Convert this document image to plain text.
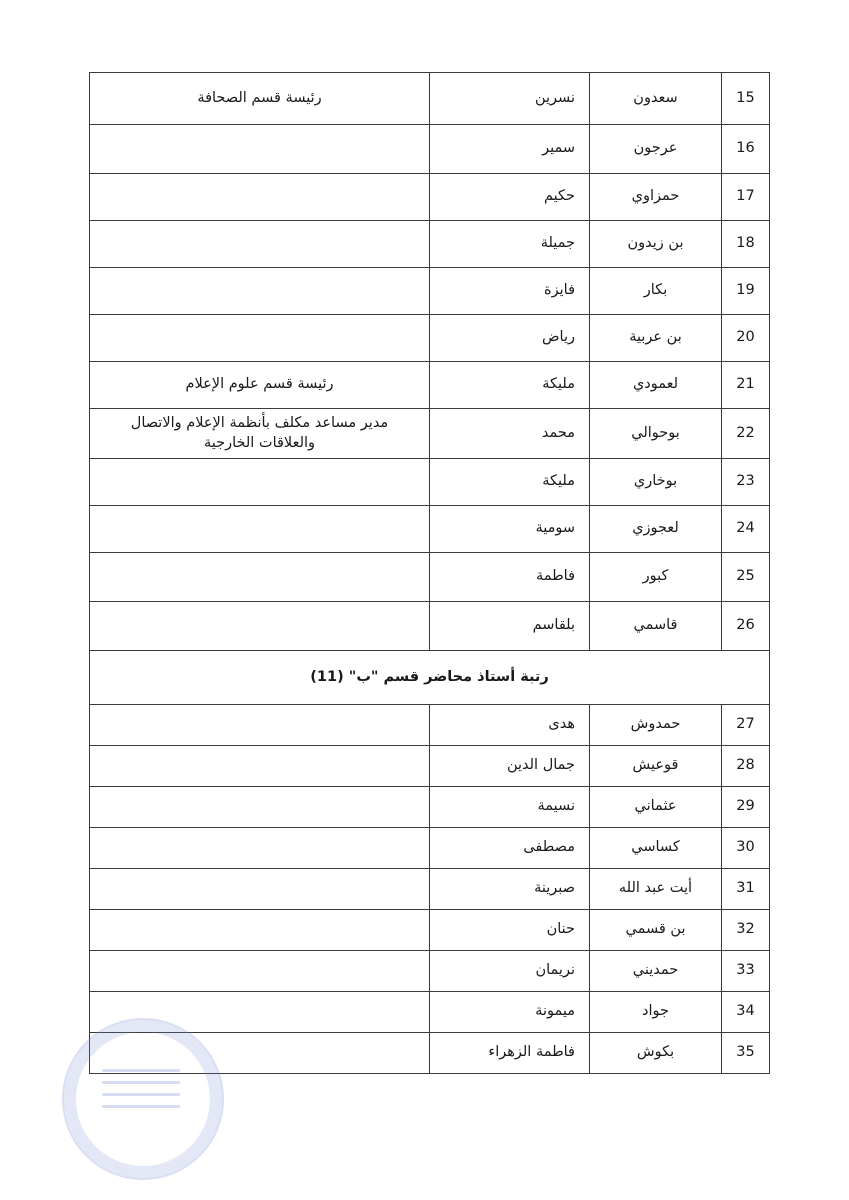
15	سعدون	نسرين	رئيسة قسم الصحافة
16	عرجون	سمير	
17	حمزاوي	حكيم	
18	بن زيدون	جميلة	
19	بكار	فايزة	
20	بن عربية	رياض	
21	لعمودي	مليكة	رئيسة قسم علوم الإعلام
22	بوحوالي	محمد	مدير مساعد مكلف بأنظمة الإعلام والاتصال والعلاقات الخارجية
23	بوخاري	مليكة	
24	لعجوزي	سومية	
25	كبور	فاطمة	
26	قاسمي	بلقاسم	
رتبة أستاذ محاضر قسم "ب" (11)			
27	حمدوش	هدى	
28	قوعيش	جمال الدين	
29	عثماني	نسيمة	
30	كساسي	مصطفى	
31	أيت عبد الله	صبرينة	
32	بن قسمي	حنان	
33	حمديني	نريمان	
34	جواد	ميمونة	
35	بكوش	فاطمة الزهراء	
